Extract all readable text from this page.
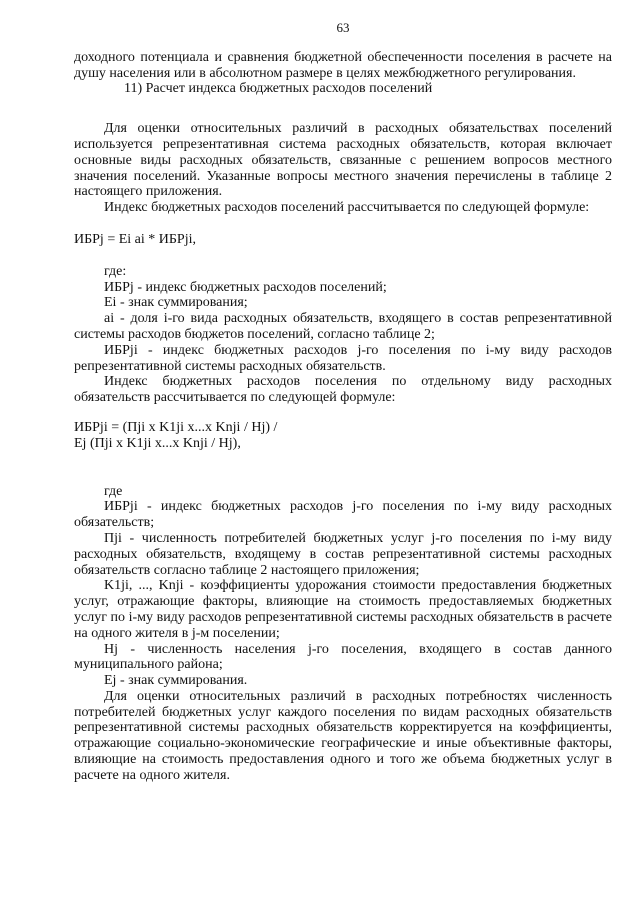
63

доходного потенциала и сравнения бюджетной обеспеченности поселения в расчете на душу населения или в абсолютном размере в целях межбюджетного регулирования.

11) Расчет индекса бюджетных расходов поселений

Для оценки относительных различий в расходных обязательствах поселений используется репрезентативная система расходных обязательств, которая включает основные виды расходных обязательств, связанные с решением вопросов местного значения поселений. Указанные вопросы местного значения перечислены в таблице 2 настоящего приложения.

Индекс бюджетных расходов поселений рассчитывается по следующей формуле:

ИБРj = Ei ai * ИБРji,

где:

ИБРj - индекс бюджетных расходов поселений;

Ei - знак суммирования;

ai - доля i-го вида расходных обязательств, входящего в состав репрезентативной системы расходов бюджетов поселений, согласно таблице 2;

ИБРji - индекс бюджетных расходов j-го поселения по i-му виду расходов репрезентативной системы расходных обязательств.

Индекс бюджетных расходов поселения по отдельному виду расходных обязательств рассчитывается по следующей формуле:

ИБРji = (Пji x K1ji x...x Knji / Hj) /

Ej (Пji x K1ji x...x Knji / Hj),

где

ИБРji - индекс бюджетных расходов j-го поселения по i-му виду расходных обязательств;

Пji - численность потребителей бюджетных услуг j-го поселения по i-му виду расходных обязательств, входящему в состав репрезентативной системы расходных обязательств согласно таблице 2 настоящего приложения;

K1ji, ..., Knji - коэффициенты удорожания стоимости предоставления бюджетных услуг, отражающие факторы, влияющие на стоимость предоставляемых бюджетных услуг по i-му виду расходов репрезентативной системы расходных обязательств в расчете на одного жителя в j-м поселении;

Hj - численность населения j-го поселения, входящего в состав данного муниципального района;

Ej - знак суммирования.

Для оценки относительных различий в расходных потребностях численность потребителей бюджетных услуг каждого поселения по видам расходных обязательств репрезентативной системы расходных обязательств корректируется на коэффициенты, отражающие социально-экономические географические и иные объективные факторы, влияющие на стоимость предоставления одного и того же объема бюджетных услуг в расчете на одного жителя.
